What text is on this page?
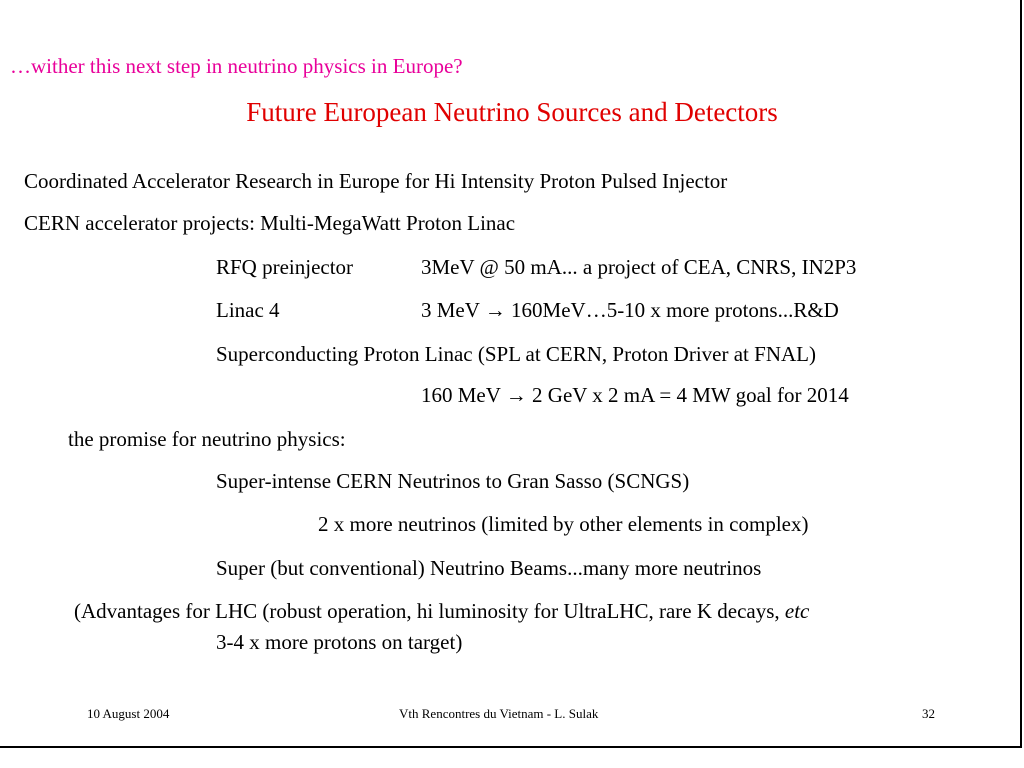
…wither this next step in neutrino physics in Europe?
Future European Neutrino Sources and Detectors
Coordinated Accelerator Research in Europe for Hi Intensity Proton Pulsed Injector
CERN accelerator projects: Multi-MegaWatt Proton Linac
RFQ preinjector	3MeV @ 50 mA... a project of CEA, CNRS, IN2P3
Linac 4	3 MeV → 160MeV…5-10 x more protons...R&D
Superconducting Proton Linac (SPL at CERN, Proton Driver at FNAL)
160 MeV → 2 GeV x 2 mA = 4 MW goal for 2014
the promise for neutrino physics:
Super-intense CERN Neutrinos to Gran Sasso (SCNGS)
2 x more neutrinos (limited by other elements in complex)
Super (but conventional) Neutrino Beams...many more neutrinos
(Advantages for LHC (robust operation, hi luminosity for UltraLHC, rare K decays, etc
3-4 x more protons on target)
10 August 2004	Vth Rencontres du Vietnam - L. Sulak	32
